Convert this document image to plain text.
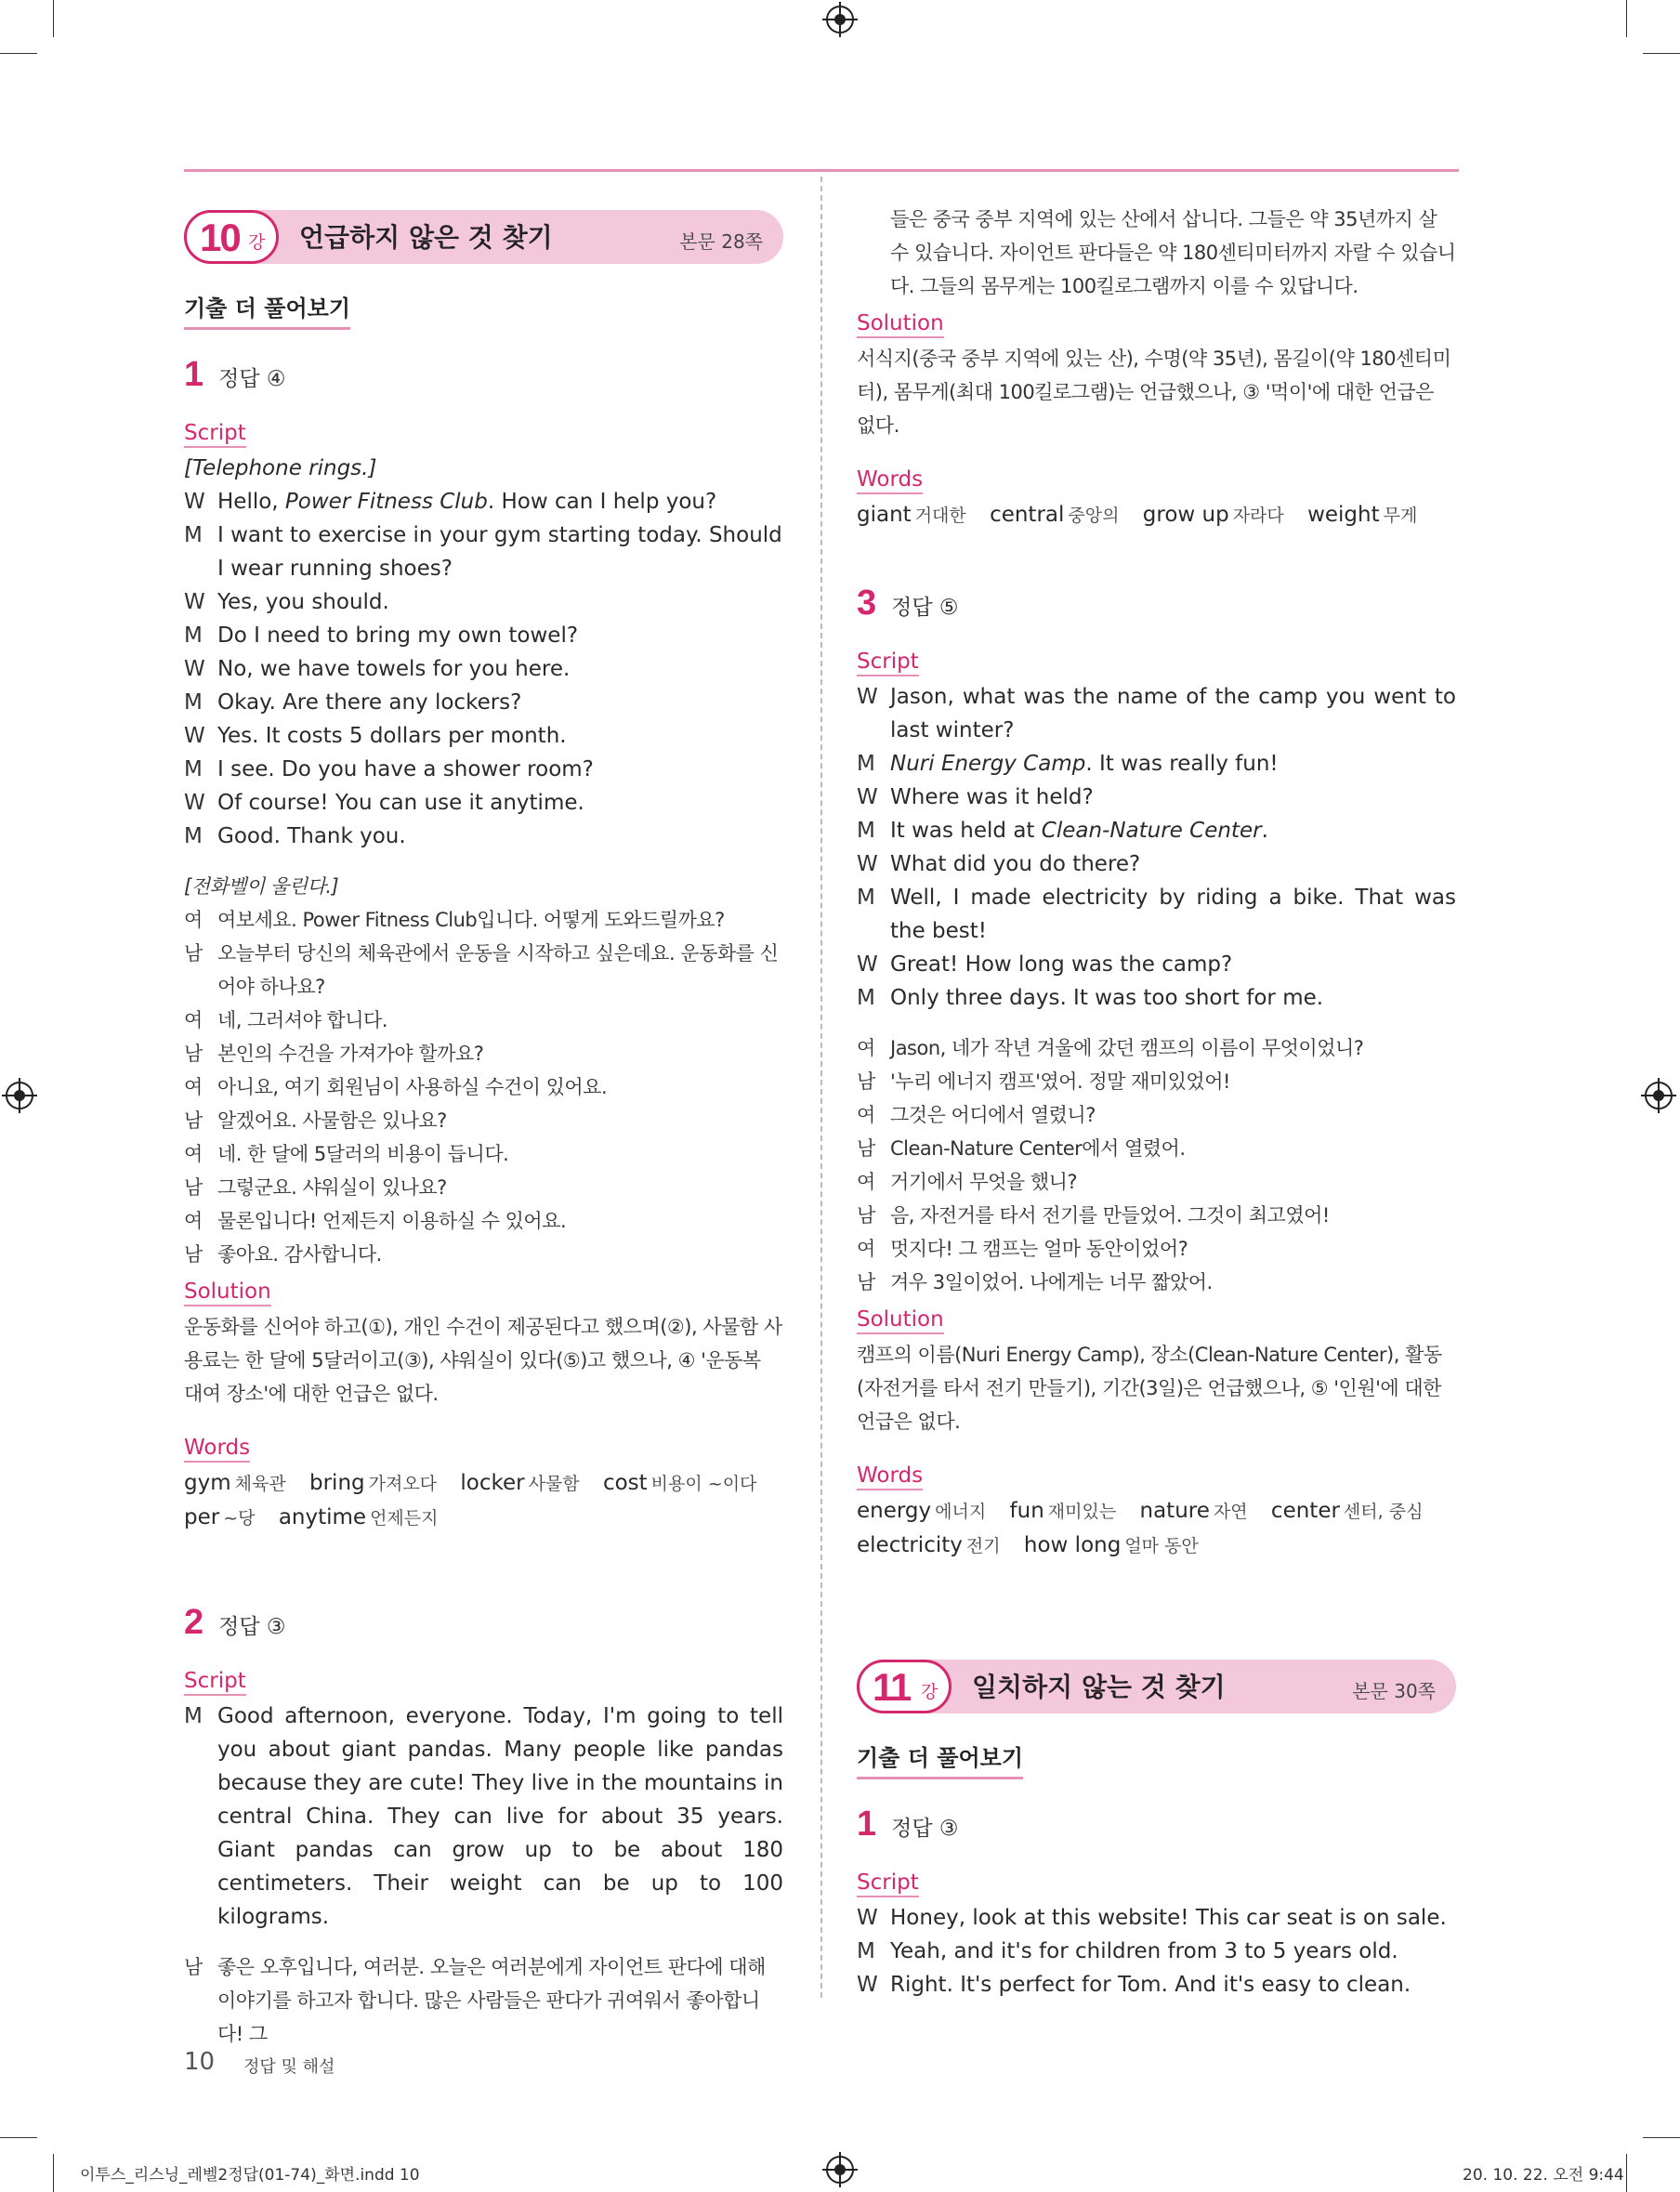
10 강 언급하지 않은 것 찾기	본문 28쪽
기출 더 풀어보기
1 정답 ④
Script

[Telephone rings.]

W Hello, Power Fitness Club. How can I help you?
M I want to exercise in your gym starting today. Should I wear running shoes?
W Yes, you should.
M Do I need to bring my own towel?
W No, we have towels for you here.
M Okay. Are there any lockers?
W Yes. It costs 5 dollars per month.
M I see. Do you have a shower room?
W Of course! You can use it anytime.
M Good. Thank you.

[전화벨이 울린다.]

여 여보세요. Power Fitness Club입니다. 어떻게 도와드릴까요?
남 오늘부터 당신의 체육관에서 운동을 시작하고 싶은데요. 운동화를 신어야 하나요?
여 네, 그러셔야 합니다.
남 본인의 수건을 가져가야 할까요?
여 아니요, 여기 회원님이 사용하실 수건이 있어요.
남 알겠어요. 사물함은 있나요?
여 네. 한 달에 5달러의 비용이 듭니다.
남 그렇군요. 샤워실이 있나요?
여 물론입니다! 언제든지 이용하실 수 있어요.
남 좋아요. 감사합니다.
Solution

운동화를 신어야 하고(①), 개인 수건이 제공된다고 했으며(②), 사물함 사용료는 한 달에 5달러이고(③), 샤워실이 있다(⑤)고 했으나, ④ '운동복 대여 장소'에 대한 언급은 없다.

Words

gym 체육관 bring 가져오다 locker 사물함 cost 비용이 ~이다
per ~당 anytime 언제든지

2 정답 ③
Script
M Good afternoon, everyone. Today, I'm going to tell you about giant pandas. Many people like pandas because they are cute! They live in the mountains in central China. They can live for about 35 years. Giant pandas can grow up to be about 180 centimeters. Their weight can be up to 100 kilograms.
남 좋은 오후입니다, 여러분. 오늘은 여러분에게 자이언트 판다에 대해 이야기를 하고자 합니다. 많은 사람들은 판다가 귀여워서 좋아합니다! 그
들은 중국 중부 지역에 있는 산에서 삽니다. 그들은 약 35년까지 살 수 있습니다. 자이언트 판다들은 약 180센티미터까지 자랄 수 있습니다. 그들의 몸무게는 100킬로그램까지 이를 수 있답니다.
Solution

서식지(중국 중부 지역에 있는 산), 수명(약 35년), 몸길이(약 180센티미터), 몸무게(최대 100킬로그램)는 언급했으나, ③ '먹이'에 대한 언급은 없다.

Words

giant 거대한 central 중앙의 grow up 자라다 weight 무게

3 정답 ⑤
Script
W Jason, what was the name of the camp you went to last winter?
M Nuri Energy Camp. It was really fun!
W Where was it held?
M It was held at Clean-Nature Center.
W What did you do there?
M Well, I made electricity by riding a bike. That was the best!
W Great! How long was the camp?
M Only three days. It was too short for me.
여 Jason, 네가 작년 겨울에 갔던 캠프의 이름이 무엇이었니?
남 '누리 에너지 캠프'였어. 정말 재미있었어!
여 그것은 어디에서 열렸니?
남 Clean-Nature Center에서 열렸어.
여 거기에서 무엇을 했니?
남 음, 자전거를 타서 전기를 만들었어. 그것이 최고였어!
여 멋지다! 그 캠프는 얼마 동안이었어?
남 겨우 3일이었어. 나에게는 너무 짧았어.
Solution

캠프의 이름(Nuri Energy Camp), 장소(Clean-Nature Center), 활동(자전거를 타서 전기 만들기), 기간(3일)은 언급했으나, ⑤ '인원'에 대한 언급은 없다.

Words

energy 에너지 fun 재미있는 nature 자연 center 센터, 중심
electricity 전기 how long 얼마 동안

11 강 일치하지 않는 것 찾기	본문 30쪽
기출 더 풀어보기
1 정답 ③
Script
W Honey, look at this website! This car seat is on sale.
M Yeah, and it's for children from 3 to 5 years old.
W Right. It's perfect for Tom. And it's easy to clean.
10 정답 및 해설
이투스_리스닝_레벨2정답(01-74)_화면.indd 10	20. 10. 22. 오전 9:44
